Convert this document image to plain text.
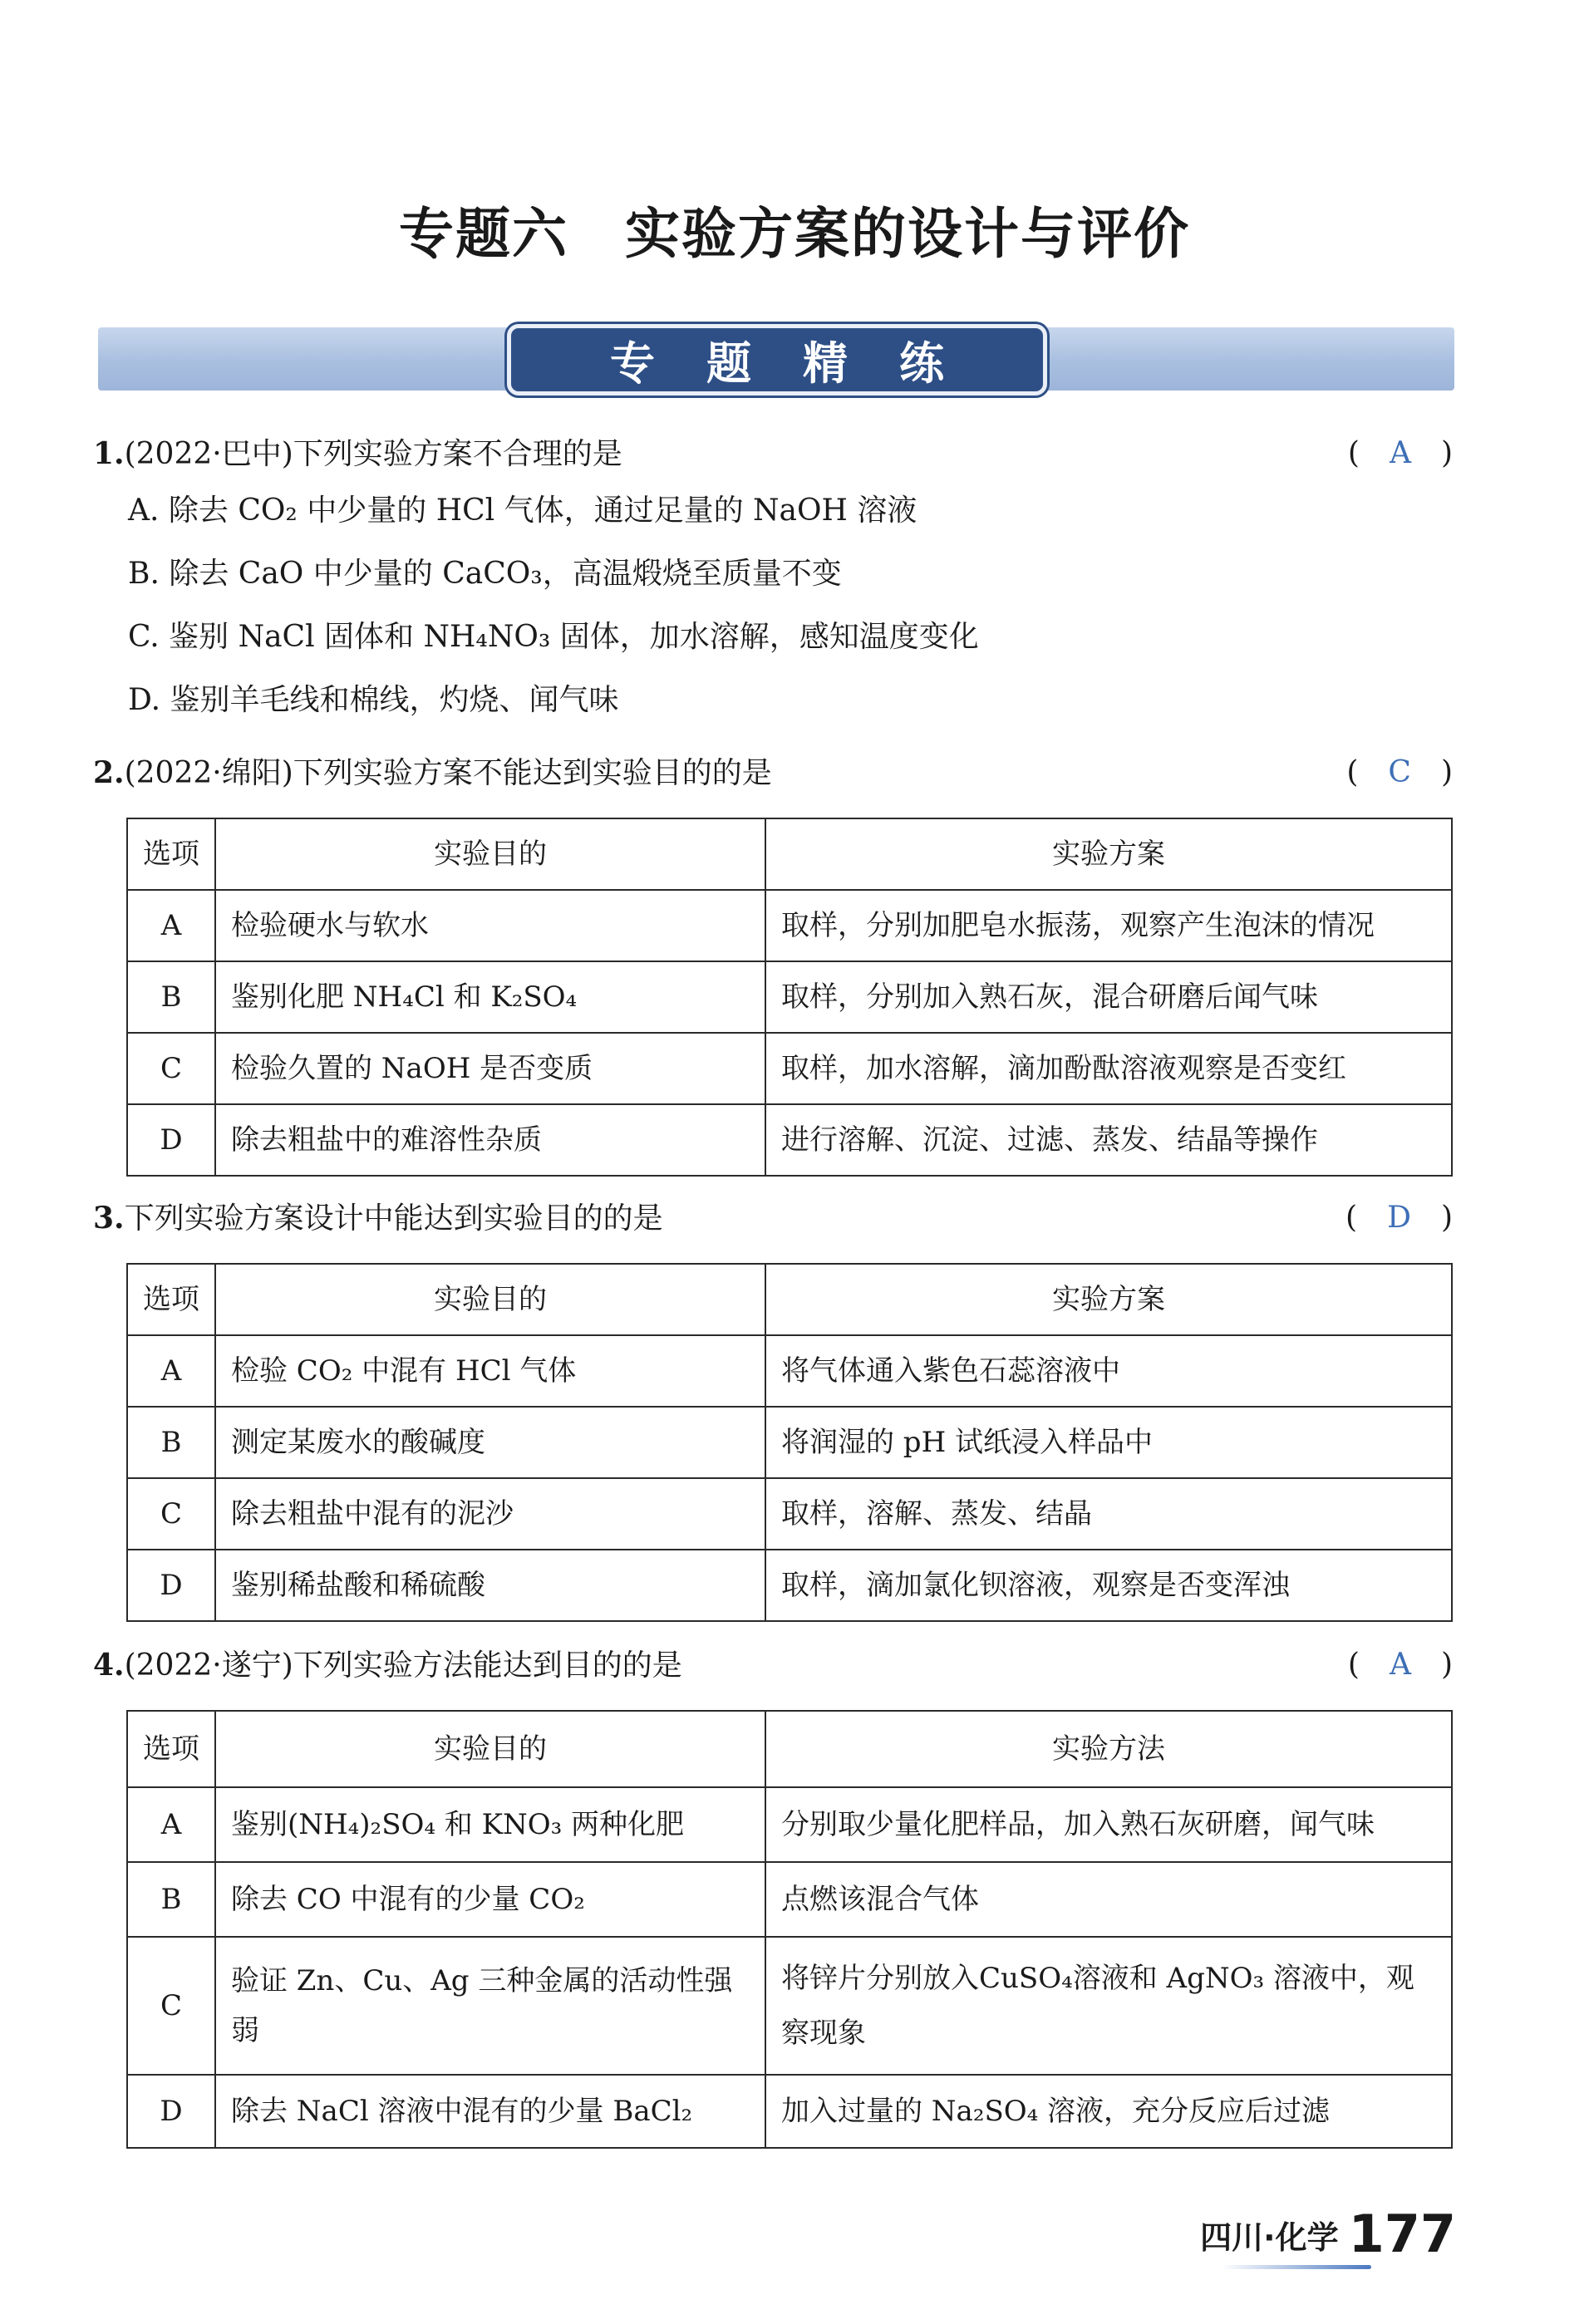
专题六　实验方案的设计与评价
专题精练
1.(2022·巴中)下列实验方案不合理的是	(　A　)
A. 除去 CO₂ 中少量的 HCl 气体，通过足量的 NaOH 溶液
B. 除去 CaO 中少量的 CaCO₃，高温煅烧至质量不变
C. 鉴别 NaCl 固体和 NH₄NO₃ 固体，加水溶解，感知温度变化
D. 鉴别羊毛线和棉线，灼烧、闻气味
2.(2022·绵阳)下列实验方案不能达到实验目的的是	(　C　)
选项	实验目的	实验方案
A	检验硬水与软水	取样，分别加肥皂水振荡，观察产生泡沫的情况
B	鉴别化肥 NH₄Cl 和 K₂SO₄	取样，分别加入熟石灰，混合研磨后闻气味
C	检验久置的 NaOH 是否变质	取样，加水溶解，滴加酚酞溶液观察是否变红
D	除去粗盐中的难溶性杂质	进行溶解、沉淀、过滤、蒸发、结晶等操作
3.下列实验方案设计中能达到实验目的的是	(　D　)
选项	实验目的	实验方案
A	检验 CO₂ 中混有 HCl 气体	将气体通入紫色石蕊溶液中
B	测定某废水的酸碱度	将润湿的 pH 试纸浸入样品中
C	除去粗盐中混有的泥沙	取样，溶解、蒸发、结晶
D	鉴别稀盐酸和稀硫酸	取样，滴加氯化钡溶液，观察是否变浑浊
4.(2022·遂宁)下列实验方法能达到目的的是	(　A　)
选项	实验目的	实验方法
A	鉴别(NH₄)₂SO₄ 和 KNO₃ 两种化肥	分别取少量化肥样品，加入熟石灰研磨，闻气味
B	除去 CO 中混有的少量 CO₂	点燃该混合气体
C	验证 Zn、Cu、Ag 三种金属的活动性强弱	将锌片分别放入CuSO₄溶液和 AgNO₃ 溶液中，观察现象
D	除去 NaCl 溶液中混有的少量 BaCl₂	加入过量的 Na₂SO₄ 溶液，充分反应后过滤
四川·化学 177
